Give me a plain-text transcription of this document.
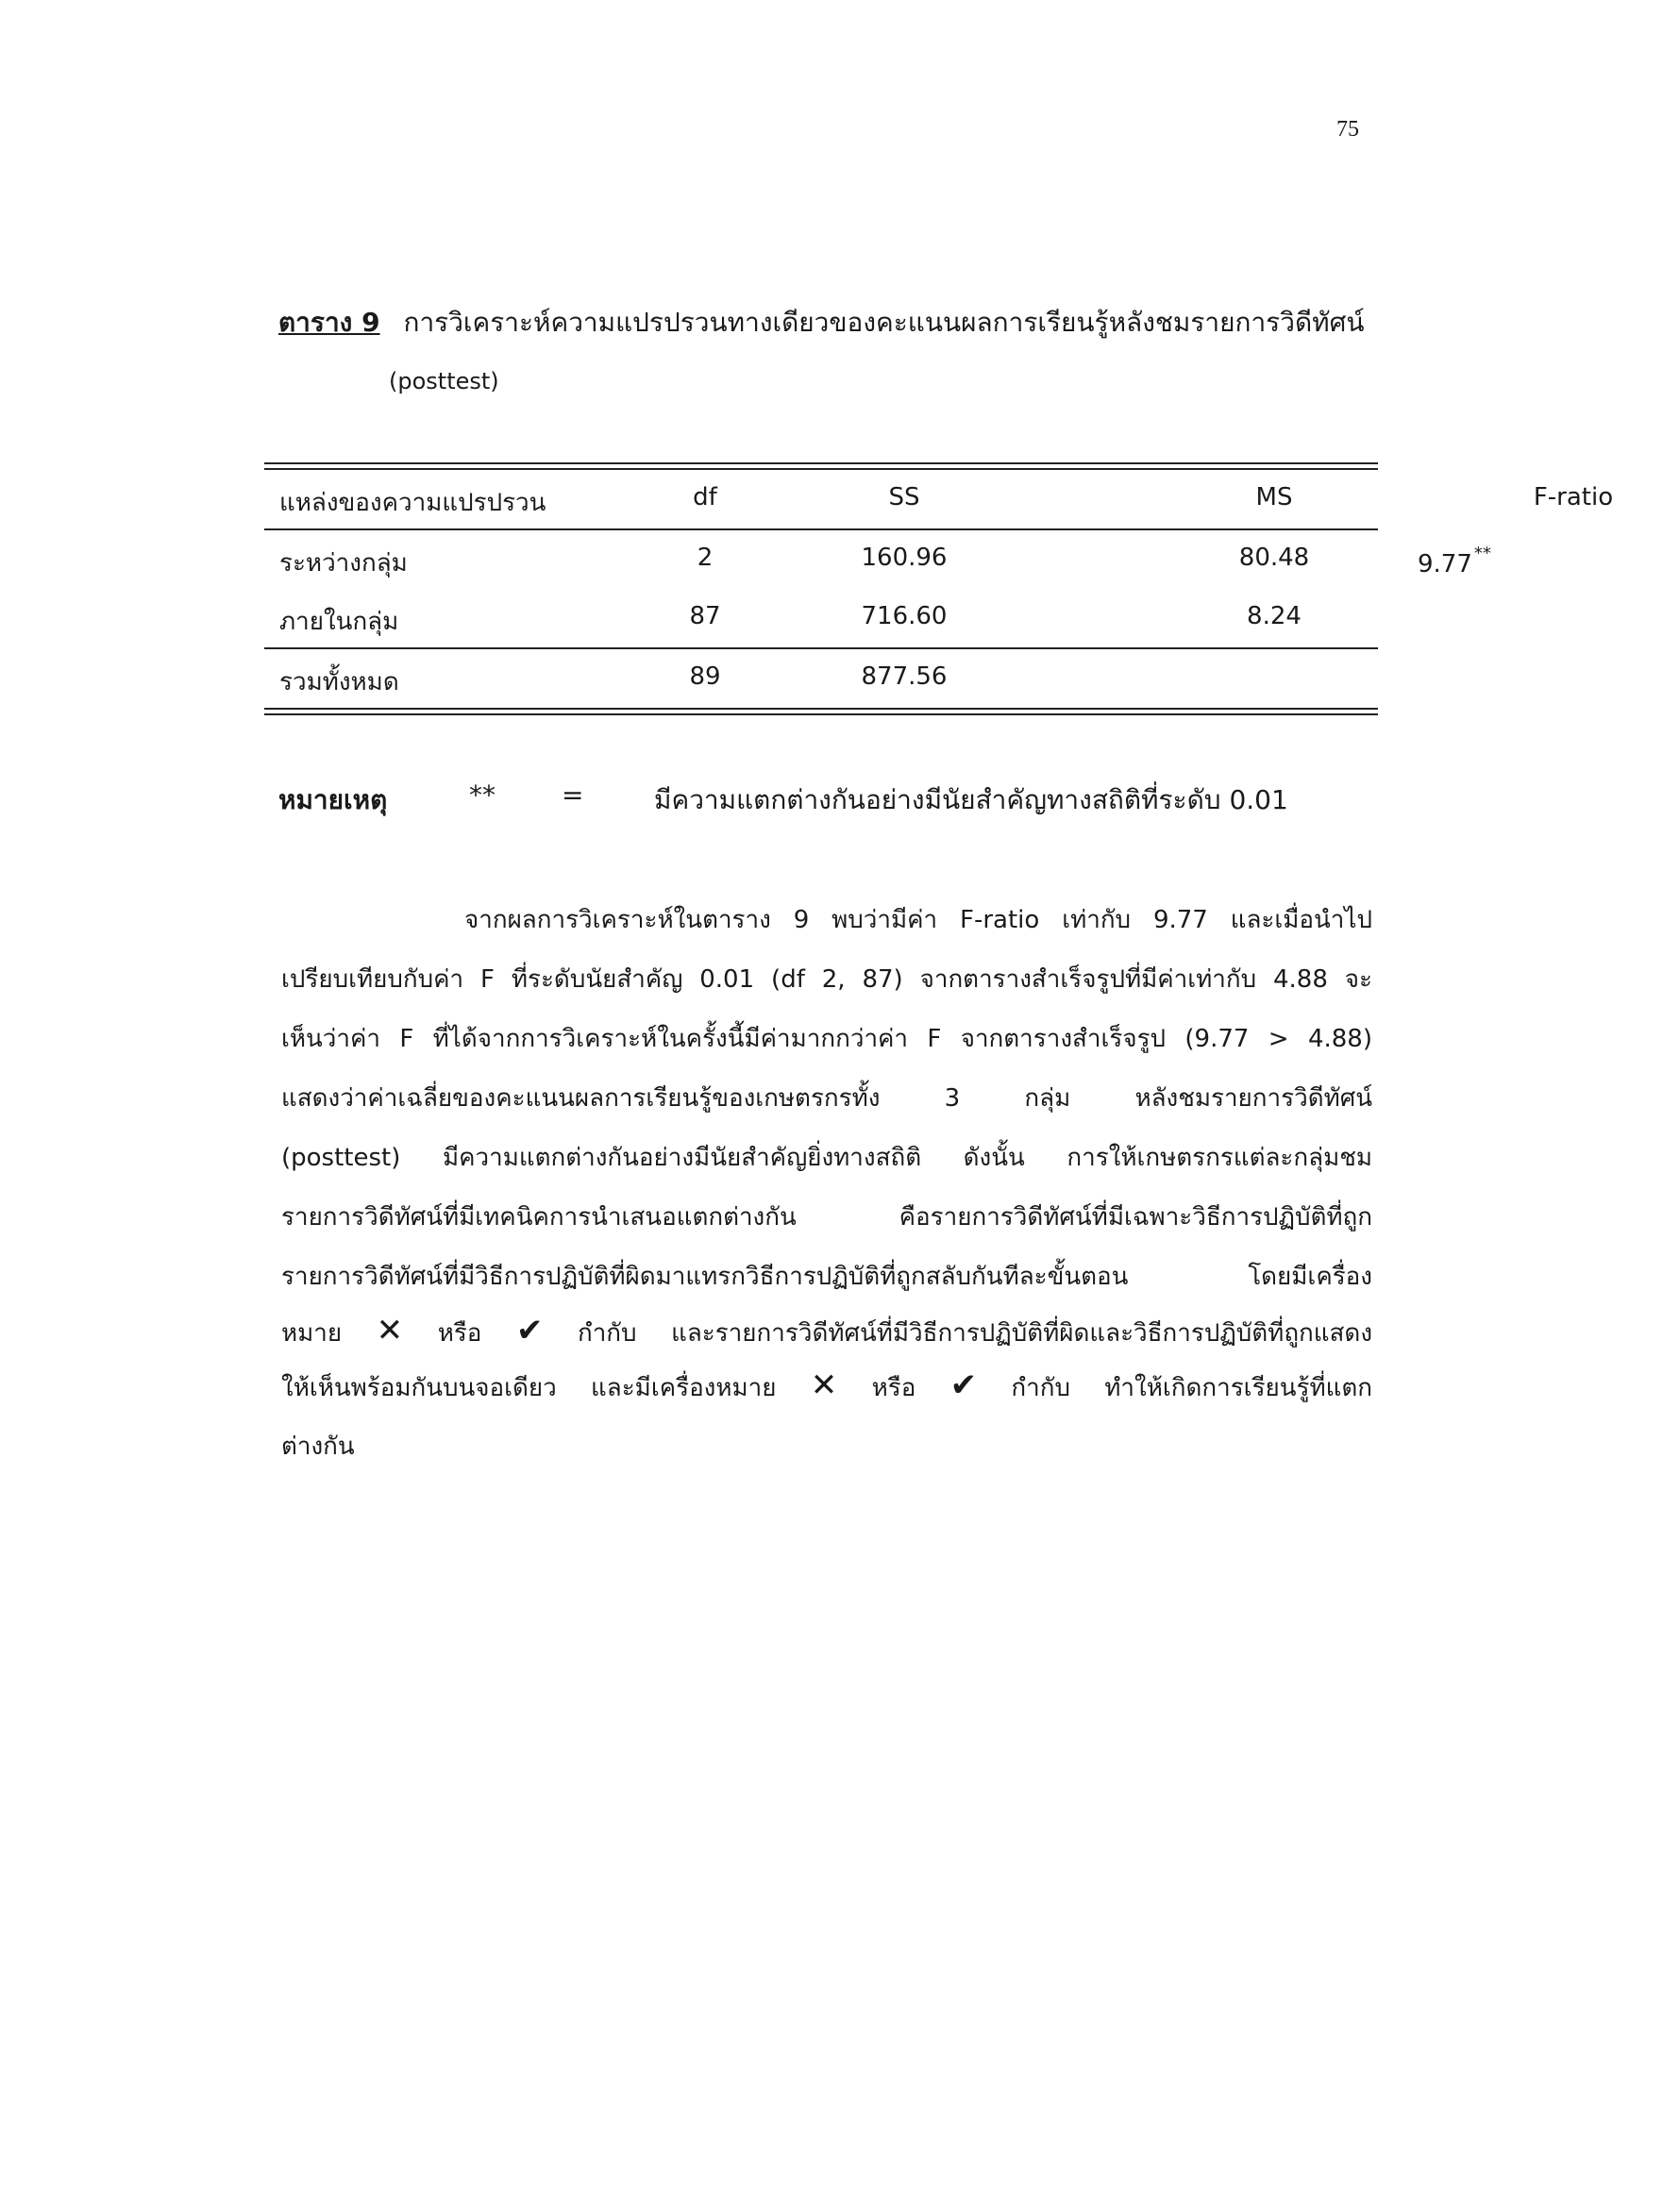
75
ตาราง 9 การวิเคราะห์ความแปรปรวนทางเดียวของคะแนนผลการเรียนรู้หลังชมรายการวิดีทัศน์
(posttest)
แหล่งของความแปรปรวน	df	SS	MS	F-ratio
ระหว่างกลุ่ม	2	160.96	80.48	9.77 **
ภายในกลุ่ม	87	716.60	8.24
รวมทั้งหมด	89	877.56
หมายเหตุ	**	=	มีความแตกต่างกันอย่างมีนัยสำคัญทางสถิติที่ระดับ 0.01
จากผลการวิเคราะห์ในตาราง 9 พบว่ามีค่า F-ratio เท่ากับ 9.77 และเมื่อนำไป
เปรียบเทียบกับค่า F ที่ระดับนัยสำคัญ 0.01 (df 2, 87) จากตารางสำเร็จรูปที่มีค่าเท่ากับ 4.88 จะ
เห็นว่าค่า F ที่ได้จากการวิเคราะห์ในครั้งนี้มีค่ามากกว่าค่า F จากตารางสำเร็จรูป (9.77 > 4.88)
แสดงว่าค่าเฉลี่ยของคะแนนผลการเรียนรู้ของเกษตรกรทั้ง 3 กลุ่ม หลังชมรายการวิดีทัศน์
(posttest) มีความแตกต่างกันอย่างมีนัยสำคัญยิ่งทางสถิติ ดังนั้น การให้เกษตรกรแต่ละกลุ่มชม
รายการวิดีทัศน์ที่มีเทคนิคการนำเสนอแตกต่างกัน คือรายการวิดีทัศน์ที่มีเฉพาะวิธีการปฏิบัติที่ถูก
รายการวิดีทัศน์ที่มีวิธีการปฏิบัติที่ผิดมาแทรกวิธีการปฏิบัติที่ถูกสลับกันทีละขั้นตอน โดยมีเครื่อง
หมาย ✕ หรือ ✔ กำกับ และรายการวิดีทัศน์ที่มีวิธีการปฏิบัติที่ผิดและวิธีการปฏิบัติที่ถูกแสดง
ให้เห็นพร้อมกันบนจอเดียว และมีเครื่องหมาย ✕ หรือ ✔ กำกับ ทำให้เกิดการเรียนรู้ที่แตก
ต่างกัน
